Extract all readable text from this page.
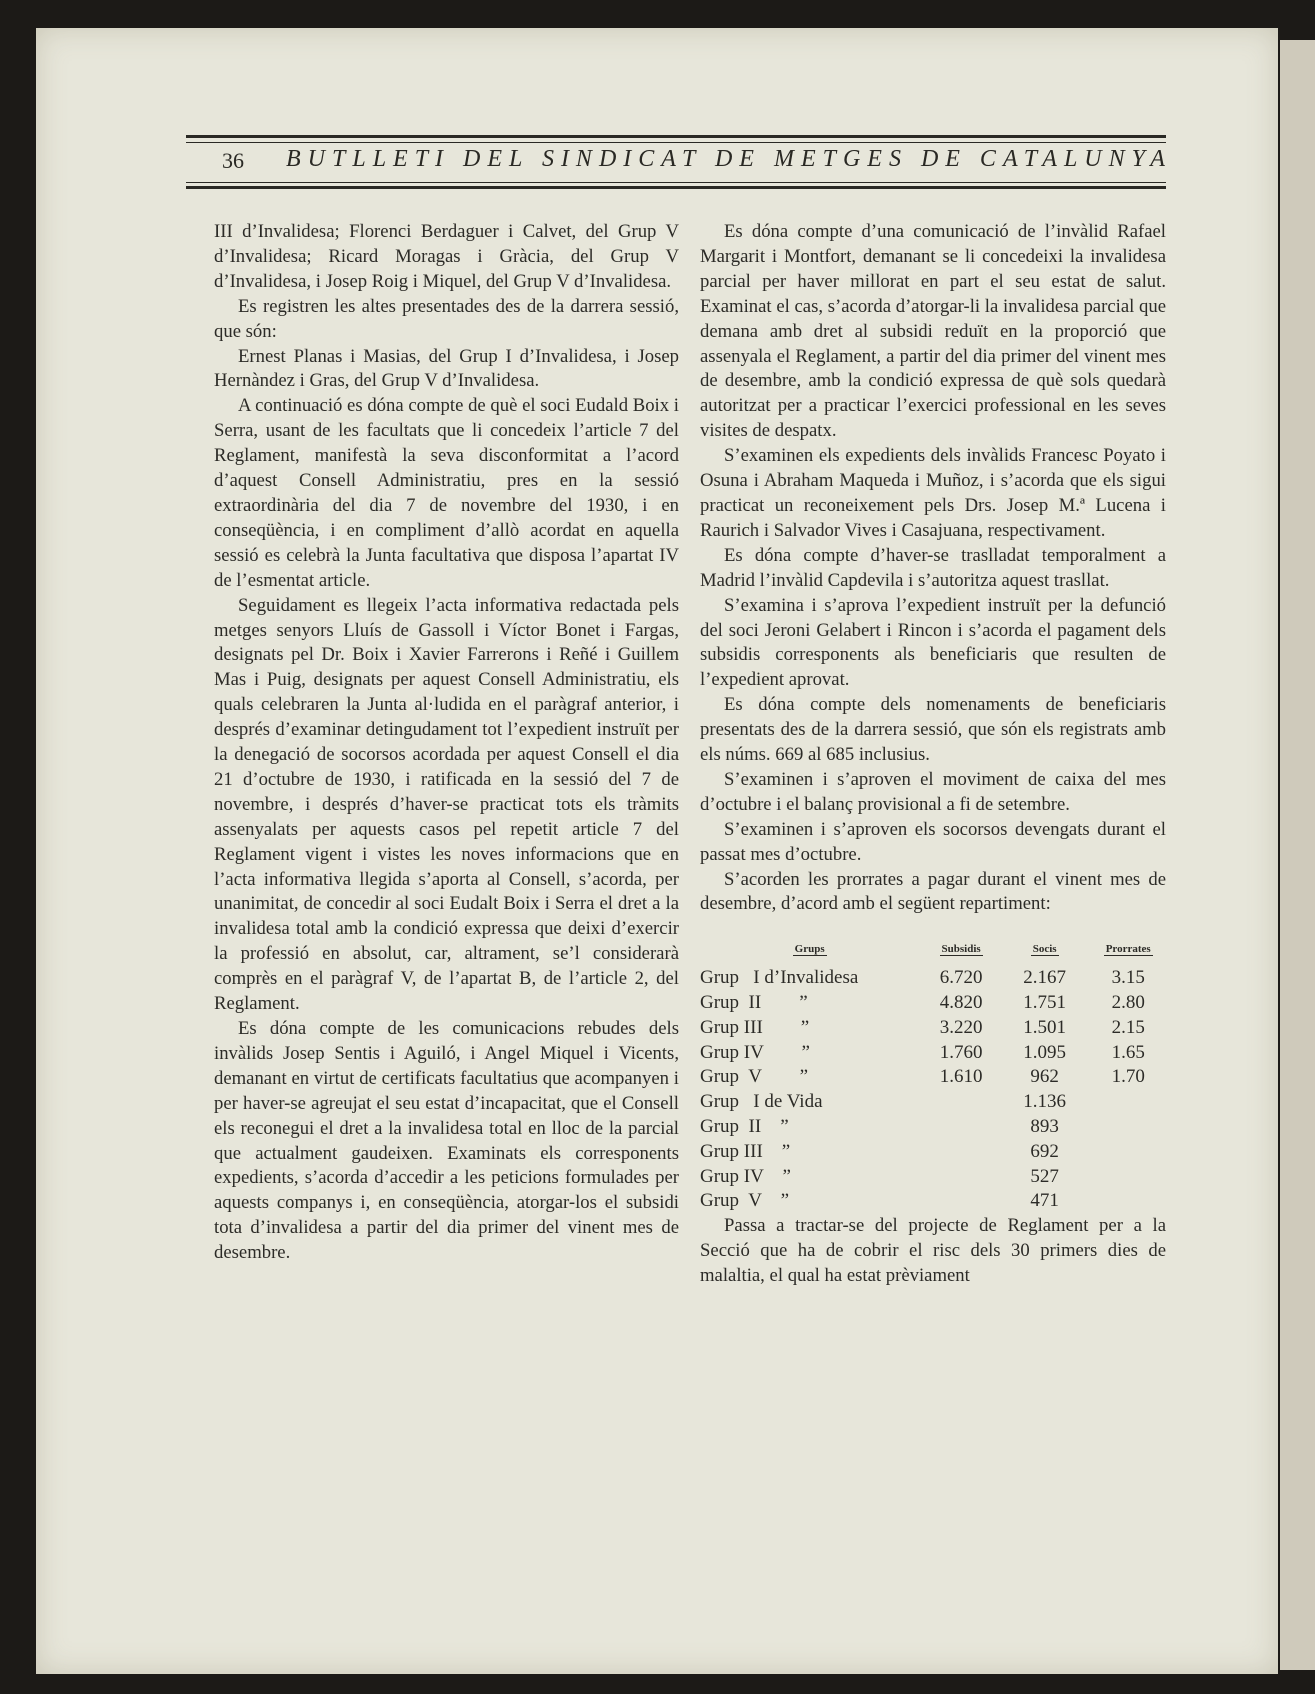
36 BUTLLETI DEL SINDICAT DE METGES DE CATALUNYA

III d’Invalidesa; Florenci Berdaguer i Calvet, del Grup V d’Invalidesa; Ricard Moragas i Gràcia, del Grup V d’Invalidesa, i Josep Roig i Miquel, del Grup V d’Invalidesa.

Es registren les altes presentades des de la darrera sessió, que són:

Ernest Planas i Masias, del Grup I d’Invalidesa, i Josep Hernàndez i Gras, del Grup V d’Invalidesa.

A continuació es dóna compte de què el soci Eudald Boix i Serra, usant de les facultats que li concedeix l’article 7 del Reglament, manifestà la seva disconformitat a l’acord d’aquest Consell Administratiu, pres en la sessió extraordinària del dia 7 de novembre del 1930, i en conseqüència, i en compliment d’allò acordat en aquella sessió es celebrà la Junta facultativa que disposa l’apartat IV de l’esmentat article.

Seguidament es llegeix l’acta informativa redactada pels metges senyors Lluís de Gassoll i Víctor Bonet i Fargas, designats pel Dr. Boix i Xavier Farrerons i Reñé i Guillem Mas i Puig, designats per aquest Consell Administratiu, els quals celebraren la Junta al·ludida en el paràgraf anterior, i després d’examinar detingudament tot l’expedient instruït per la denegació de socorsos acordada per aquest Consell el dia 21 d’octubre de 1930, i ratificada en la sessió del 7 de novembre, i després d’haver-se practicat tots els tràmits assenyalats per aquests casos pel repetit article 7 del Reglament vigent i vistes les noves informacions que en l’acta informativa llegida s’aporta al Consell, s’acorda, per unanimitat, de concedir al soci Eudalt Boix i Serra el dret a la invalidesa total amb la condició expressa que deixi d’exercir la professió en absolut, car, altrament, se’l considerarà comprès en el paràgraf V, de l’apartat B, de l’article 2, del Reglament.

Es dóna compte de les comunicacions rebudes dels invàlids Josep Sentis i Aguiló, i Angel Miquel i Vicents, demanant en virtut de certificats facultatius que acompanyen i per haver-se agreujat el seu estat d’incapacitat, que el Consell els reconegui el dret a la invalidesa total en lloc de la parcial que actualment gaudeixen. Examinats els corresponents expedients, s’acorda d’accedir a les peticions formulades per aquests companys i, en conseqüència, atorgar-los el subsidi tota d’invalidesa a partir del dia primer del vinent mes de desembre.

Es dóna compte d’una comunicació de l’invàlid Rafael Margarit i Montfort, demanant se li concedeixi la invalidesa parcial per haver millorat en part el seu estat de salut. Examinat el cas, s’acorda d’atorgar-li la invalidesa parcial que demana amb dret al subsidi reduït en la proporció que assenyala el Reglament, a partir del dia primer del vinent mes de desembre, amb la condició expressa de què sols quedarà autoritzat per a practicar l’exercici professional en les seves visites de despatx.

S’examinen els expedients dels invàlids Francesc Poyato i Osuna i Abraham Maqueda i Muñoz, i s’acorda que els sigui practicat un reconeixement pels Drs. Josep M.ª Lucena i Raurich i Salvador Vives i Casajuana, respectivament.

Es dóna compte d’haver-se traslladat temporalment a Madrid l’invàlid Capdevila i s’autoritza aquest trasllat.

S’examina i s’aprova l’expedient instruït per la defunció del soci Jeroni Gelabert i Rincon i s’acorda el pagament dels subsidis corresponents als beneficiaris que resulten de l’expedient aprovat.

Es dóna compte dels nomenaments de beneficiaris presentats des de la darrera sessió, que són els registrats amb els núms. 669 al 685 inclusius.

S’examinen i s’aproven el moviment de caixa del mes d’octubre i el balanç provisional a fi de setembre.

S’examinen i s’aproven els socorsos devengats durant el passat mes d’octubre.

S’acorden les prorrates a pagar durant el vinent mes de desembre, d’acord amb el següent repartiment:

Grups	Subsidis	Socis	Prorrates
Grup   I d’Invalidesa	6.720	2.167	3.15
Grup  II        ”	4.820	1.751	2.80
Grup III        ”	3.220	1.501	2.15
Grup IV        ”	1.760	1.095	1.65
Grup  V        ”	1.610	962	1.70
Grup   I de Vida		1.136	
Grup  II    ”		893	
Grup III    ”		692	
Grup IV    ”		527	
Grup  V    ”		471	

Passa a tractar-se del projecte de Reglament per a la Secció que ha de cobrir el risc dels 30 primers dies de malaltia, el qual ha estat prèviament
